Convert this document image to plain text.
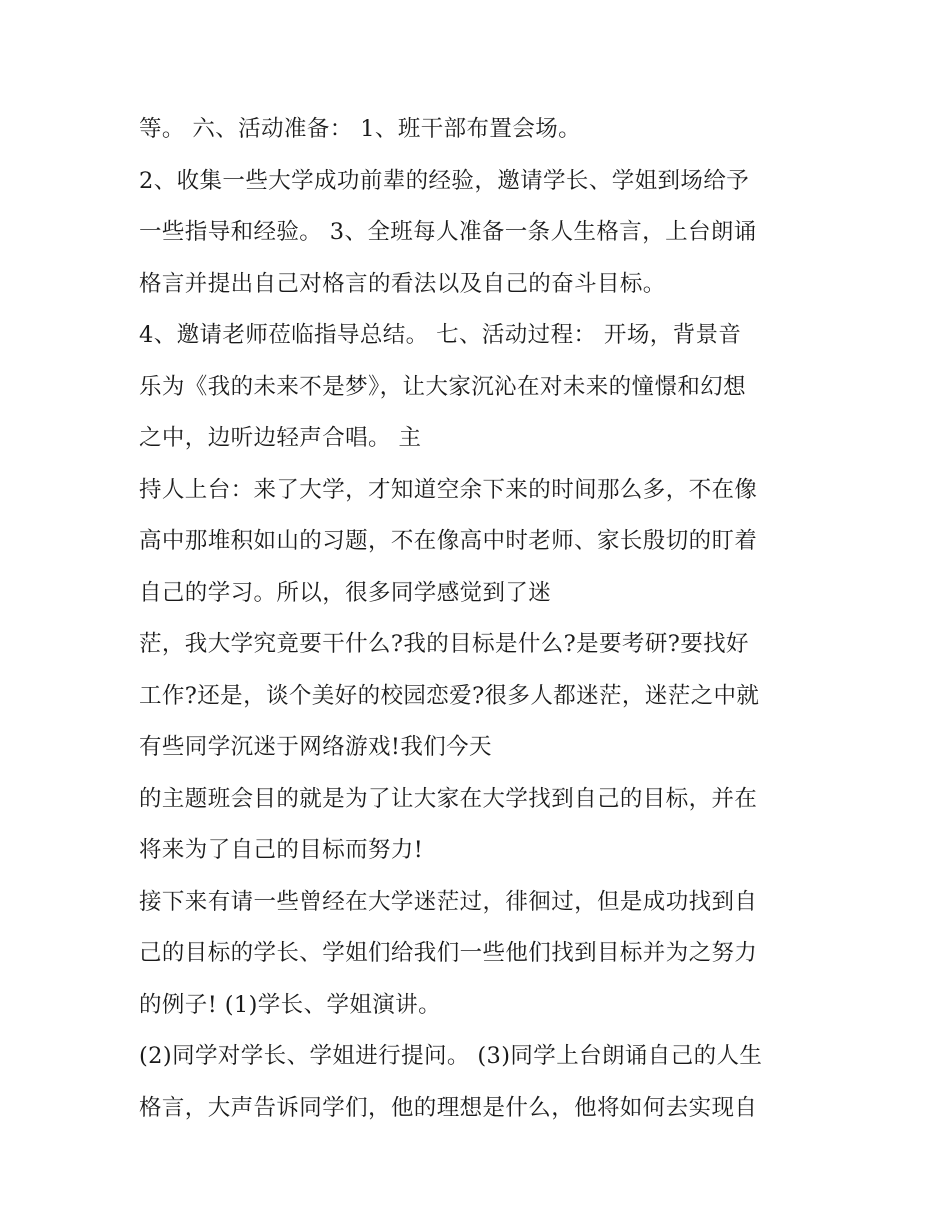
等。 六、活动准备： 1、班干部布置会场。
2、收集一些大学成功前辈的经验，邀请学长、学姐到场给予
一些指导和经验。 3、全班每人准备一条人生格言，上台朗诵
格言并提出自己对格言的看法以及自己的奋斗目标。
4、邀请老师莅临指导总结。 七、活动过程： 开场，背景音
乐为《我的未来不是梦》，让大家沉沁在对未来的憧憬和幻想
之中，边听边轻声合唱。 主
持人上台：来了大学，才知道空余下来的时间那么多，不在像
高中那堆积如山的习题，不在像高中时老师、家长殷切的盯着
自己的学习。所以，很多同学感觉到了迷
茫，我大学究竟要干什么?我的目标是什么?是要考研?要找好
工作?还是，谈个美好的校园恋爱?很多人都迷茫，迷茫之中就
有些同学沉迷于网络游戏!我们今天
的主题班会目的就是为了让大家在大学找到自己的目标，并在
将来为了自己的目标而努力!
接下来有请一些曾经在大学迷茫过，徘徊过，但是成功找到自
己的目标的学长、学姐们给我们一些他们找到目标并为之努力
的例子! (1)学长、学姐演讲。
(2)同学对学长、学姐进行提问。 (3)同学上台朗诵自己的人生
格言，大声告诉同学们，他的理想是什么，他将如何去实现自
